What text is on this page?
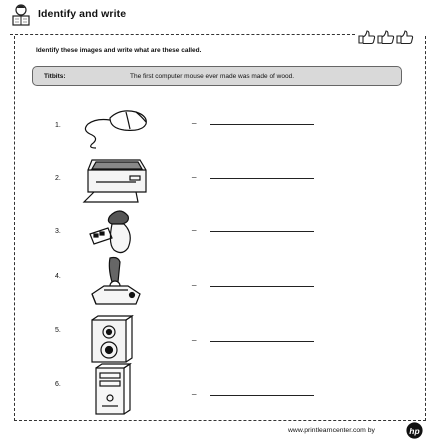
Identify and write
Identify these images and write what are these called.
Titbits:	The first computer mouse ever made was made of wood.
1.
_
2.
_
3.
_
4.
_
5.
_
6.
_
www.printlearncenter.com by	hp
